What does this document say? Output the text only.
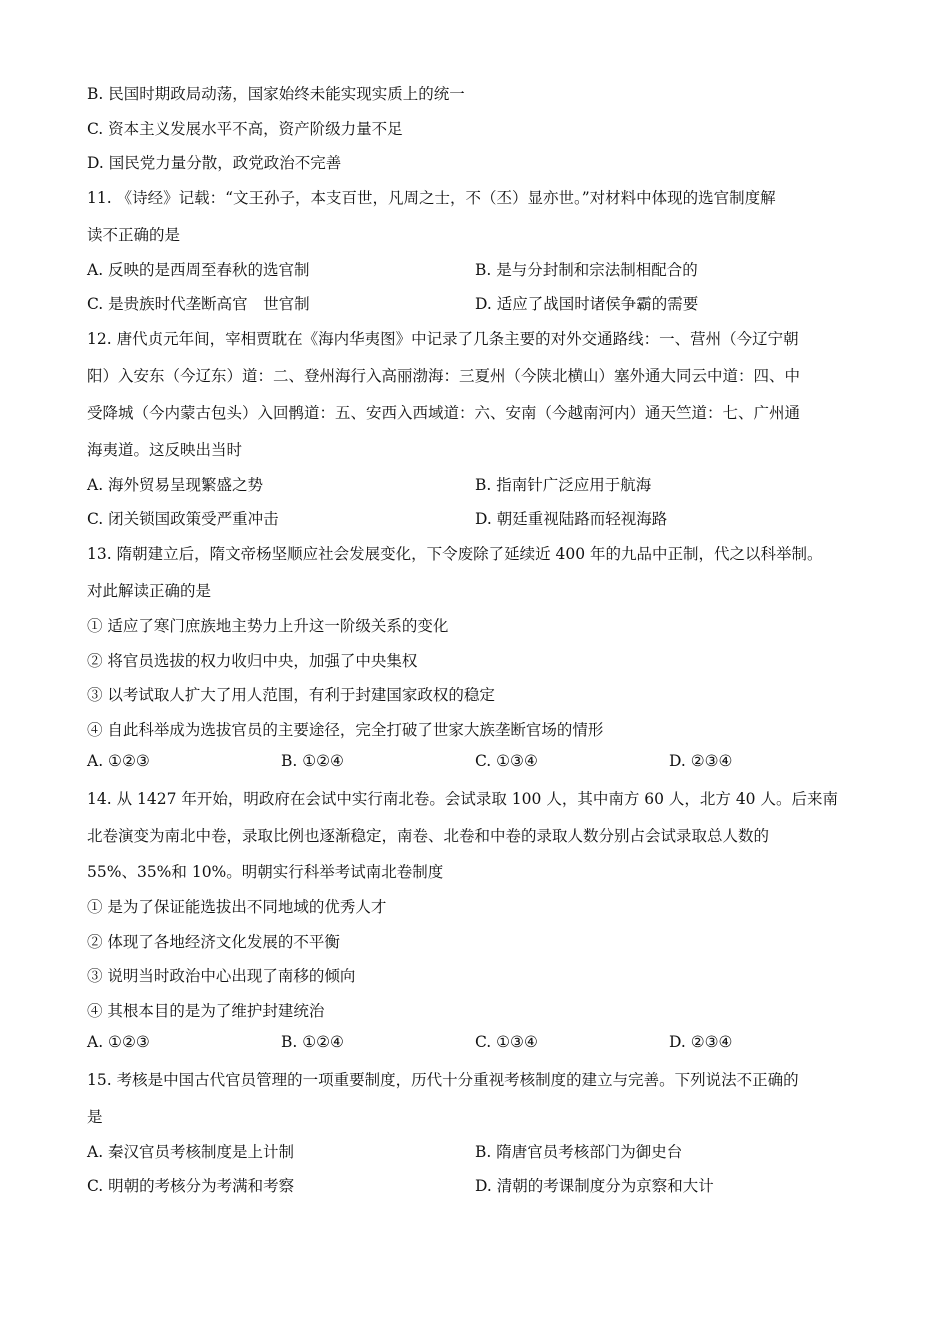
B. 民国时期政局动荡，国家始终未能实现实质上的统一
C. 资本主义发展水平不高，资产阶级力量不足
D. 国民党力量分散，政党政治不完善
11. 《诗经》记载：“文王孙子，本支百世，凡周之士，不（丕）显亦世。”对材料中体现的选官制度解
读不正确的是
A. 反映的是西周至春秋的选官制	B. 是与分封制和宗法制相配合的
C. 是贵族时代垄断高官　世官制	D. 适应了战国时诸侯争霸的需要
12. 唐代贞元年间，宰相贾耽在《海内华夷图》中记录了几条主要的对外交通路线：一、营州（今辽宁朝
阳）入安东（今辽东）道：二、登州海行入高丽渤海：三夏州（今陕北横山）塞外通大同云中道：四、中
受降城（今内蒙古包头）入回鹘道：五、安西入西域道：六、安南（今越南河内）通天竺道：七、广州通
海夷道。这反映出当时
A. 海外贸易呈现繁盛之势	B. 指南针广泛应用于航海
C. 闭关锁国政策受严重冲击	D. 朝廷重视陆路而轻视海路
13. 隋朝建立后，隋文帝杨坚顺应社会发展变化，下令废除了延续近 400 年的九品中正制，代之以科举制。
对此解读正确的是
① 适应了寒门庶族地主势力上升这一阶级关系的变化
② 将官员选拔的权力收归中央，加强了中央集权
③ 以考试取人扩大了用人范围，有利于封建国家政权的稳定
④ 自此科举成为选拔官员的主要途径，完全打破了世家大族垄断官场的情形
A. ①②③	B. ①②④	C. ①③④	D. ②③④
14. 从 1427 年开始，明政府在会试中实行南北卷。会试录取 100 人，其中南方 60 人，北方 40 人。后来南
北卷演变为南北中卷，录取比例也逐渐稳定，南卷、北卷和中卷的录取人数分别占会试录取总人数的
55%、35%和 10%。明朝实行科举考试南北卷制度
① 是为了保证能选拔出不同地域的优秀人才
② 体现了各地经济文化发展的不平衡
③ 说明当时政治中心出现了南移的倾向
④ 其根本目的是为了维护封建统治
A. ①②③	B. ①②④	C. ①③④	D. ②③④
15. 考核是中国古代官员管理的一项重要制度，历代十分重视考核制度的建立与完善。下列说法不正确的
是
A. 秦汉官员考核制度是上计制	B. 隋唐官员考核部门为御史台
C. 明朝的考核分为考满和考察	D. 清朝的考课制度分为京察和大计
